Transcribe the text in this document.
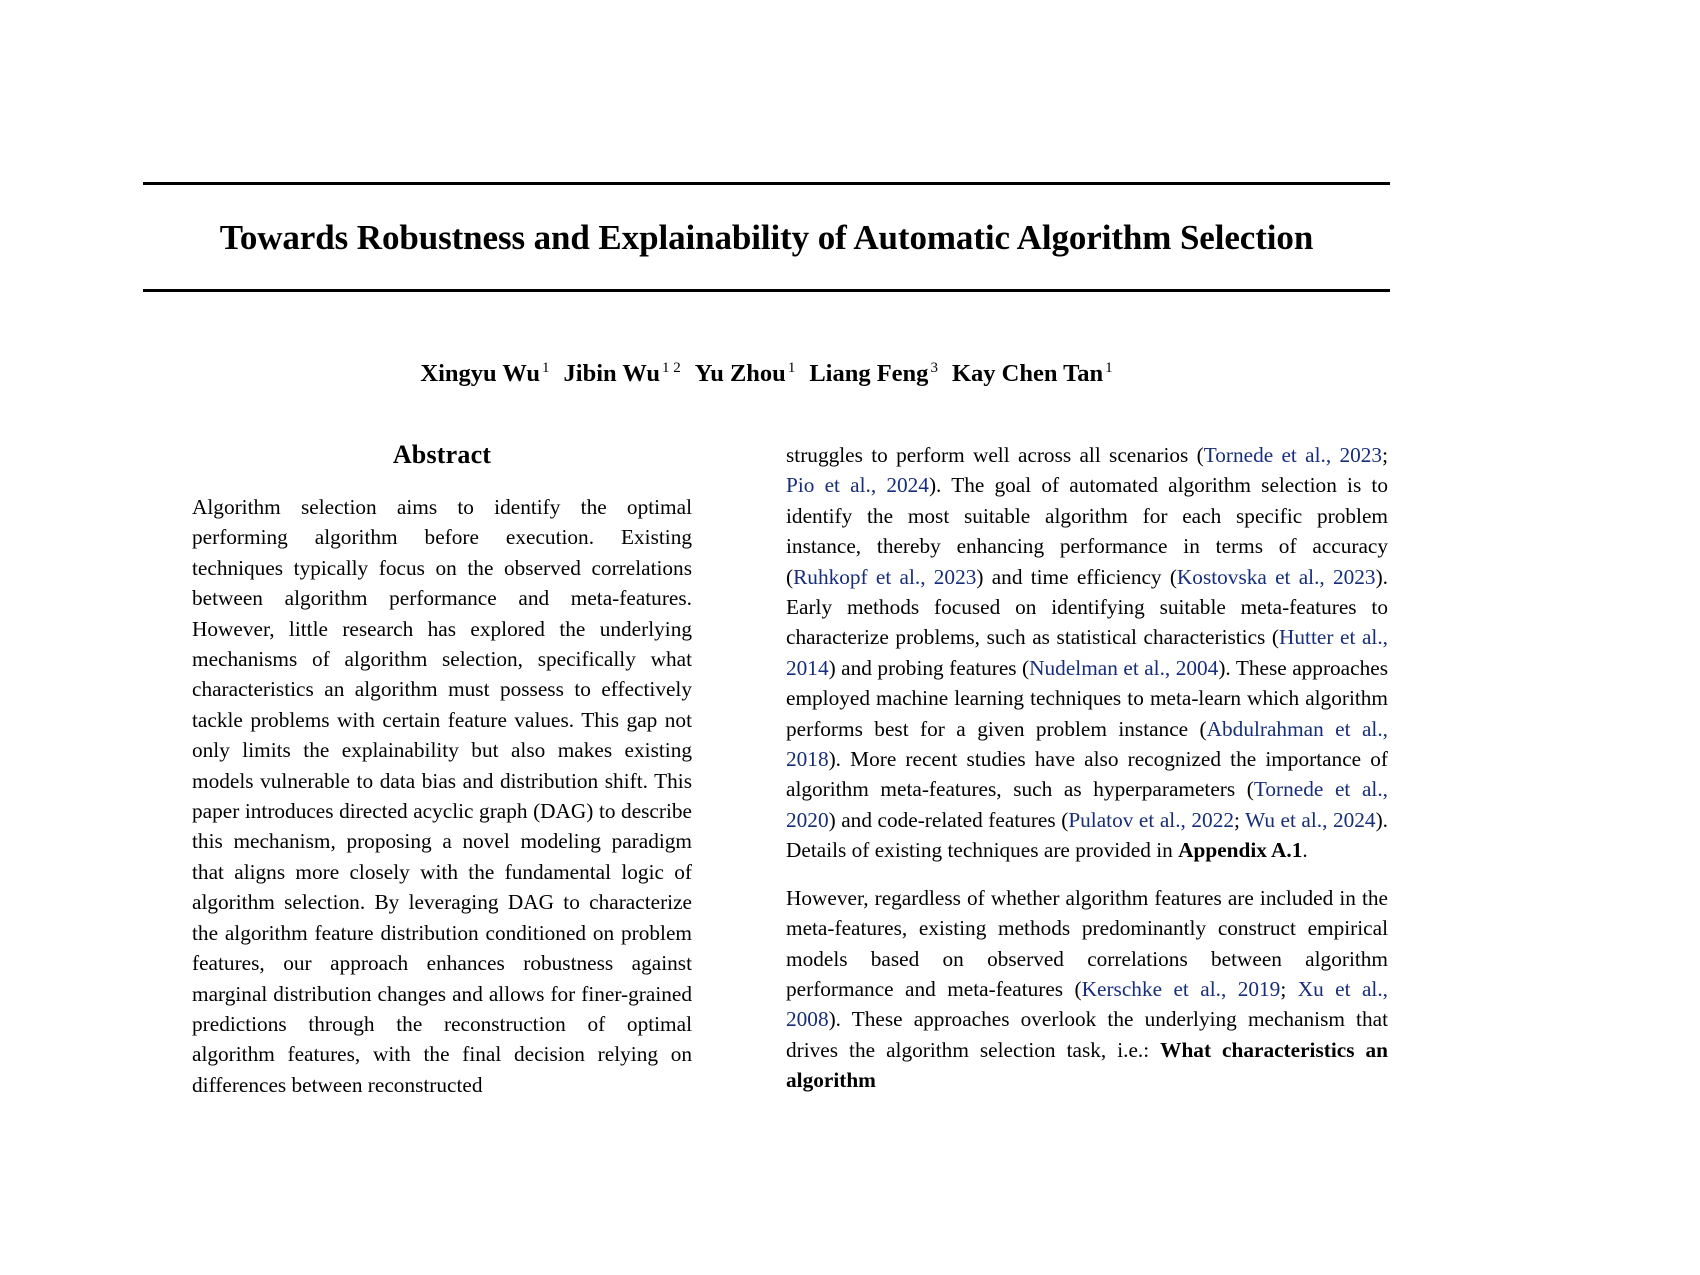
Towards Robustness and Explainability of Automatic Algorithm Selection
Xingyu Wu $^1$ Jibin Wu $^{1 2}$ Yu Zhou $^1$ Liang Feng $^3$ Kay Chen Tan $^1$
Abstract

Algorithm selection aims to identify the optimal performing algorithm before execution. Existing techniques typically focus on the observed correlations between algorithm performance and meta-features. However, little research has explored the underlying mechanisms of algorithm selection, specifically what characteristics an algorithm must possess to effectively tackle problems with certain feature values. This gap not only limits the explainability but also makes existing models vulnerable to data bias and distribution shift. This paper introduces directed acyclic graph (DAG) to describe this mechanism, proposing a novel modeling paradigm that aligns more closely with the fundamental logic of algorithm selection. By leveraging DAG to characterize the algorithm feature distribution conditioned on problem features, our approach enhances robustness against marginal distribution changes and allows for finer-grained predictions through the reconstruction of optimal algorithm features, with the final decision relying on differences between reconstructed

struggles to perform well across all scenarios (Tornede et al., 2023; Pio et al., 2024). The goal of automated algorithm selection is to identify the most suitable algorithm for each specific problem instance, thereby enhancing performance in terms of accuracy (Ruhkopf et al., 2023) and time efficiency (Kostovska et al., 2023). Early methods focused on identifying suitable meta-features to characterize problems, such as statistical characteristics (Hutter et al., 2014) and probing features (Nudelman et al., 2004). These approaches employed machine learning techniques to meta-learn which algorithm performs best for a given problem instance (Abdulrahman et al., 2018). More recent studies have also recognized the importance of algorithm meta-features, such as hyperparameters (Tornede et al., 2020) and code-related features (Pulatov et al., 2022; Wu et al., 2024). Details of existing techniques are provided in Appendix A.1.

However, regardless of whether algorithm features are included in the meta-features, existing methods predominantly construct empirical models based on observed correlations between algorithm performance and meta-features (Kerschke et al., 2019; Xu et al., 2008). These approaches overlook the underlying mechanism that drives the algorithm selection task, i.e.: What characteristics an algorithm
